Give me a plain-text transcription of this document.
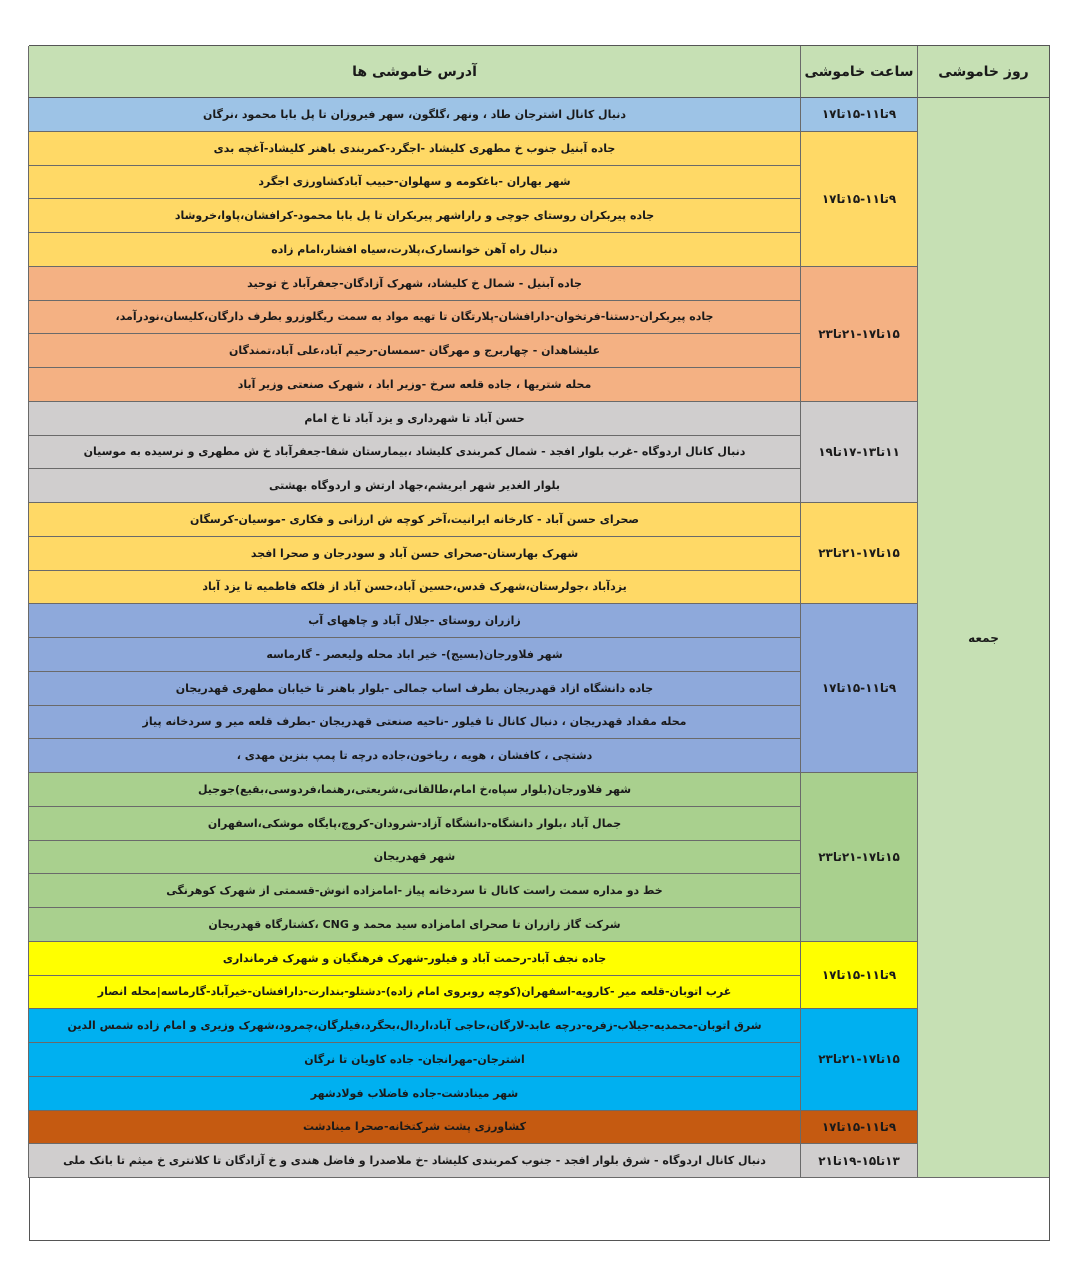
روز خاموشی
ساعت خاموشی
آدرس خاموشی ها
جمعه
۹تا۱۱-۱۵تا۱۷
دنبال کانال اشترجان طاد ، ونهر ،گلگون، سهر فیروزان تا پل بابا محمود ،نرگان
۹تا۱۱-۱۵تا۱۷
جاده آبنیل جنوب خ مطهری کلیشاد -اجگرد-کمربندی باهنر کلیشاد-آغچه بدی
شهر بهاران -باغکومه و سهلوان-حبیب آبادکشاورزی اجگرد
جاده پیربکران روستای جوچی و راراشهر پیربکران تا پل بابا محمود-کرافشان،پاوا،خروشاد
دنبال راه آهن خوانسارک،پلارت،سیاه افشار،امام زاده
۱۵تا۱۷-۲۱تا۲۳
جاده آبنیل - شمال خ کلیشاد، شهرک آزادگان-جعفرآباد خ توحید
جاده پیربکران-دستنا-فرتخوان-دارافشان-پلارتگان تا تهیه مواد به سمت ریگلوزرو بطرف دارگان،کلیسان،نودرآمد،
علیشاهدان - چهاربرج و مهرگان -سمسان-رحیم آباد،علی آباد،تمندگان
محله شتریها ، جاده قلعه سرخ -وزیر اباد ، شهرک صنعتی وزیر آباد
۱۱تا۱۳-۱۷تا۱۹
حسن آباد تا شهرداری و یزد آباد تا خ امام
دنبال کانال اردوگاه -غرب بلوار افجد - شمال کمربندی کلیشاد ،بیمارستان شفا-جعفرآباد خ ش مطهری و نرسیده به موسیان
بلوار الغدیر شهر ابریشم،جهاد ارتش و اردوگاه بهشتی
۱۵تا۱۷-۲۱تا۲۳
صحرای حسن آباد - کارخانه ایرانیت،آخر کوچه ش ارزانی و فکاری -موسیان-کرسگان
شهرک بهارستان-صحرای حسن آباد و سودرجان و صحرا افجد
یزدآباد ،جولرستان،شهرک قدس،حسین آباد،حسن آباد از فلکه فاطمیه تا یزد آباد
۹تا۱۱-۱۵تا۱۷
زازران روستای -جلال آباد و چاههای آب
شهر فلاورجان(بسیج)- خیر اباد محله ولیعصر - گارماسه
جاده دانشگاه ازاد قهدریجان بطرف اساب جمالی -بلوار باهنر تا خیابان مطهری قهدریجان
محله مقداد قهدریجان ، دنبال کانال تا فیلور -ناحیه صنعتی قهدریجان -بطرف قلعه میر و سردخانه پیاز
دشتچی ، کافشان ، هویه ، ریاخون،جاده درچه تا پمپ بنزین مهدی ،
۱۵تا۱۷-۲۱تا۲۳
شهر فلاورجان(بلوار سپاه،خ امام،طالقانی،شریعتی،رهنما،فردوسی،بقیع)جوجیل
جمال آباد ،بلوار دانشگاه-دانشگاه آزاد-شرودان-کروچ،پایگاه موشکی،اسفهران
شهر قهدریجان
خط دو مداره سمت راست کانال تا سردخانه پیاز -امامزاده انوش-قسمتی از شهرک کوهرنگی
شرکت گاز زازران تا صحرای امامزاده سید محمد و CNG ،کشتارگاه قهدریجان
۹تا۱۱-۱۵تا۱۷
جاده نجف آباد-رحمت آباد و فیلور-شهرک فرهنگیان و شهرک فرمانداری
غرب اتوبان-قلعه میر -کارویه-اسفهران(کوچه روبروی امام زاده)-دشتلو-بندارت-دارافشان-خیرآباد-گارماسه|محله انصار
۱۵تا۱۷-۲۱تا۲۳
شرق اتوبان-محمدیه-جیلاب-زفره-درچه عابد-لارگان،حاجی آباد،اردال،بحگرد،فیلرگان،چمرود،شهرک وزیری و امام زاده شمس الدین
اشترجان-مهرانجان- جاده کاویان تا نرگان
شهر مینادشت-جاده فاضلاب فولادشهر
۹تا۱۱-۱۵تا۱۷
کشاورزی پشت شرکتخانه-صحرا مینادشت
۱۳تا۱۵-۱۹تا۲۱
دنبال کانال اردوگاه - شرق بلوار افجد - جنوب کمربندی کلیشاد -خ ملاصدرا و فاضل هندی و خ آزادگان تا کلانتری خ میثم تا بانک ملی
